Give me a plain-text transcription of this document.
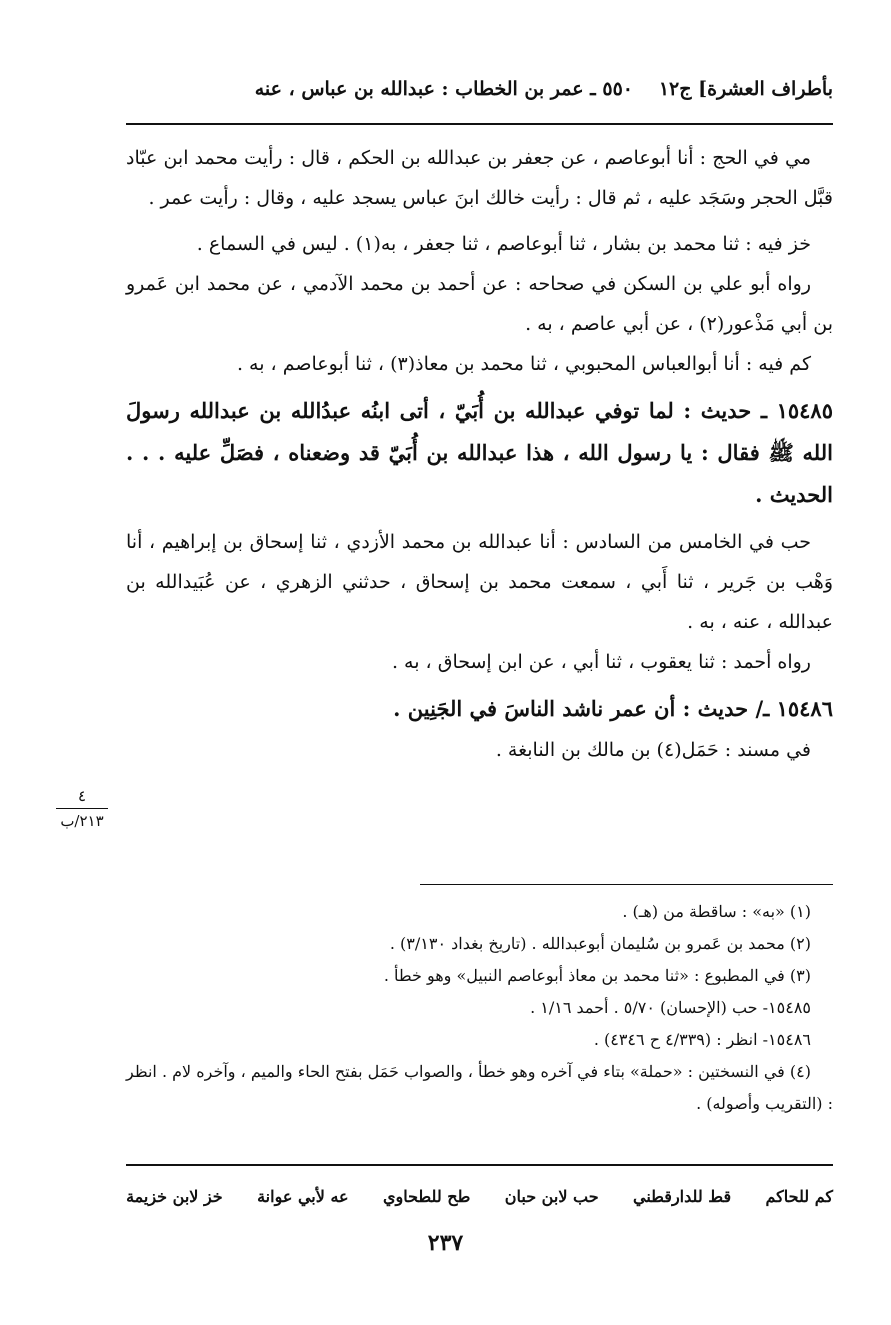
بأطراف العشرة] ج١٢
٥٥٠ ـ عمر بن الخطاب : عبدالله بن عباس ، عنه

مي في الحج : أنا أبوعاصم ، عن جعفر بن عبدالله بن الحكم ، قال : رأيت محمد ابن عبّاد قبَّل الحجر وسَجَد عليه ، ثم قال : رأيت خالك ابنَ عباس يسجد عليه ، وقال : رأيت عمر .

خز فيه : ثنا محمد بن بشار ، ثنا أبوعاصم ، ثنا جعفر ، به(١) . ليس في السماع .

رواه أبو علي بن السكن في صحاحه : عن أحمد بن محمد الآدمي ، عن محمد ابن عَمرو بن أبي مَذْعور(٢) ، عن أبي عاصم ، به .

كم فيه : أنا أبوالعباس المحبوبي ، ثنا محمد بن معاذ(٣) ، ثنا أبوعاصم ، به .

١٥٤٨٥ ـ حديث : لما توفي عبدالله بن أُبَيّ ، أتى ابنُه عبدُالله بن عبدالله رسولَ الله ﷺ فقال : يا رسول الله ، هذا عبدالله بن أُبَيّ قد وضعناه ، فصَلِّ عليه . . . الحديث .

حب في الخامس من السادس : أنا عبدالله بن محمد الأزدي ، ثنا إسحاق بن إبراهيم ، أنا وَهْب بن جَرير ، ثنا أَبي ، سمعت محمد بن إسحاق ، حدثني الزهري ، عن عُبَيدالله بن عبدالله ، عنه ، به .

رواه أحمد : ثنا يعقوب ، ثنا أبي ، عن ابن إسحاق ، به .

١٥٤٨٦ ـ/ حديث : أن عمر ناشد الناسَ في الجَنِين .

في مسند : حَمَل(٤) بن مالك بن النابغة .

٤
٢١٣/ب

(١) «به» : ساقطة من (هـ) .

(٢) محمد بن عَمرو بن سُليمان أبوعبدالله . (تاريخ بغداد ٣/١٣٠) .

(٣) في المطبوع : «ثنا محمد بن معاذ أبوعاصم النبيل» وهو خطأ .

١٥٤٨٥- حب (الإحسان) ٥/٧٠ . أحمد ١/١٦ .

١٥٤٨٦- انظر : (٤/٣٣٩ ح ٤٣٤٦) .

(٤) في النسختين : «حملة» بتاء في آخره وهو خطأ ، والصواب حَمَل بفتح الحاء والميم ، وآخره لام . انظر : (التقريب وأصوله) .

خز لابن خزيمة عه لأبي عوانة طح للطحاوي حب لابن حبان قط للدارقطني كم للحاكم
٢٣٧
